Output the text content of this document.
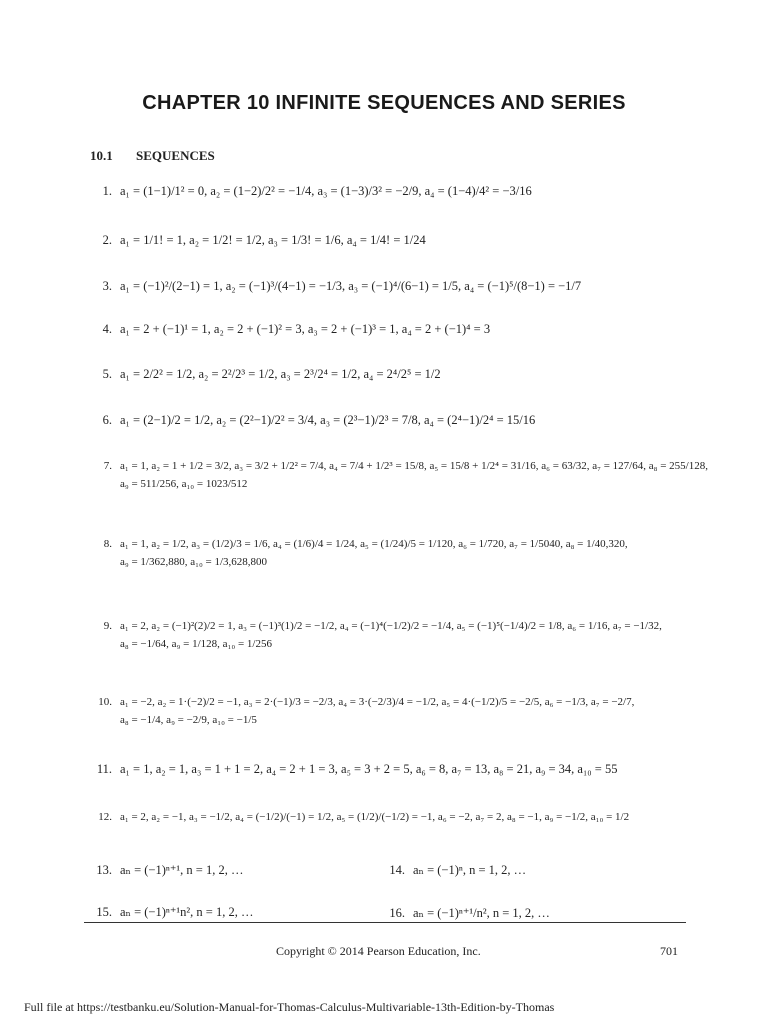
CHAPTER 10 INFINITE SEQUENCES AND SERIES
10.1 SEQUENCES
1. a₁ = (1−1)/1² = 0, a₂ = (1−2)/2² = −1/4, a₃ = (1−3)/3² = −2/9, a₄ = (1−4)/4² = −3/16
2. a₁ = 1/1! = 1, a₂ = 1/2! = 1/2, a₃ = 1/3! = 1/6, a₄ = 1/4! = 1/24
3. a₁ = (−1)²/(2−1) = 1, a₂ = (−1)³/(4−1) = −1/3, a₃ = (−1)⁴/(6−1) = 1/5, a₄ = (−1)⁵/(8−1) = −1/7
4. a₁ = 2 + (−1)¹ = 1, a₂ = 2 + (−1)² = 3, a₃ = 2 + (−1)³ = 1, a₄ = 2 + (−1)⁴ = 3
5. a₁ = 2/2² = 1/2, a₂ = 2²/2³ = 1/2, a₃ = 2³/2⁴ = 1/2, a₄ = 2⁴/2⁵ = 1/2
6. a₁ = (2−1)/2 = 1/2, a₂ = (2²−1)/2² = 3/4, a₃ = (2³−1)/2³ = 7/8, a₄ = (2⁴−1)/2⁴ = 15/16
7. a₁ = 1, a₂ = 1 + 1/2 = 3/2, a₃ = 3/2 + 1/2² = 7/4, a₄ = 7/4 + 1/2³ = 15/8, a₅ = 15/8 + 1/2⁴ = 31/16, a₆ = 63/32, a₇ = 127/64, a₈ = 255/128,
a₉ = 511/256, a₁₀ = 1023/512
8. a₁ = 1, a₂ = 1/2, a₃ = (1/2)/3 = 1/6, a₄ = (1/6)/4 = 1/24, a₅ = (1/24)/5 = 1/120, a₆ = 1/720, a₇ = 1/5040, a₈ = 1/40,320,
a₉ = 1/362,880, a₁₀ = 1/3,628,800
9. a₁ = 2, a₂ = (−1)²(2)/2 = 1, a₃ = (−1)³(1)/2 = −1/2, a₄ = (−1)⁴(−1/2)/2 = −1/4, a₅ = (−1)⁵(−1/4)/2 = 1/8, a₆ = 1/16, a₇ = −1/32,
a₈ = −1/64, a₉ = 1/128, a₁₀ = 1/256
10. a₁ = −2, a₂ = 1·(−2)/2 = −1, a₃ = 2·(−1)/3 = −2/3, a₄ = 3·(−2/3)/4 = −1/2, a₅ = 4·(−1/2)/5 = −2/5, a₆ = −1/3, a₇ = −2/7,
a₈ = −1/4, a₉ = −2/9, a₁₀ = −1/5
11. a₁ = 1, a₂ = 1, a₃ = 1 + 1 = 2, a₄ = 2 + 1 = 3, a₅ = 3 + 2 = 5, a₆ = 8, a₇ = 13, a₈ = 21, a₉ = 34, a₁₀ = 55
12. a₁ = 2, a₂ = −1, a₃ = −1/2, a₄ = (−1/2)/(−1) = 1/2, a₅ = (1/2)/(−1/2) = −1, a₆ = −2, a₇ = 2, a₈ = −1, a₉ = −1/2, a₁₀ = 1/2
13. aₙ = (−1)ⁿ⁺¹, n = 1, 2, …	14. aₙ = (−1)ⁿ, n = 1, 2, …
15. aₙ = (−1)ⁿ⁺¹n², n = 1, 2, …	16. aₙ = (−1)ⁿ⁺¹/n², n = 1, 2, …
Copyright © 2014 Pearson Education, Inc.	701
Full file at https://testbanku.eu/Solution-Manual-for-Thomas-Calculus-Multivariable-13th-Edition-by-Thomas
